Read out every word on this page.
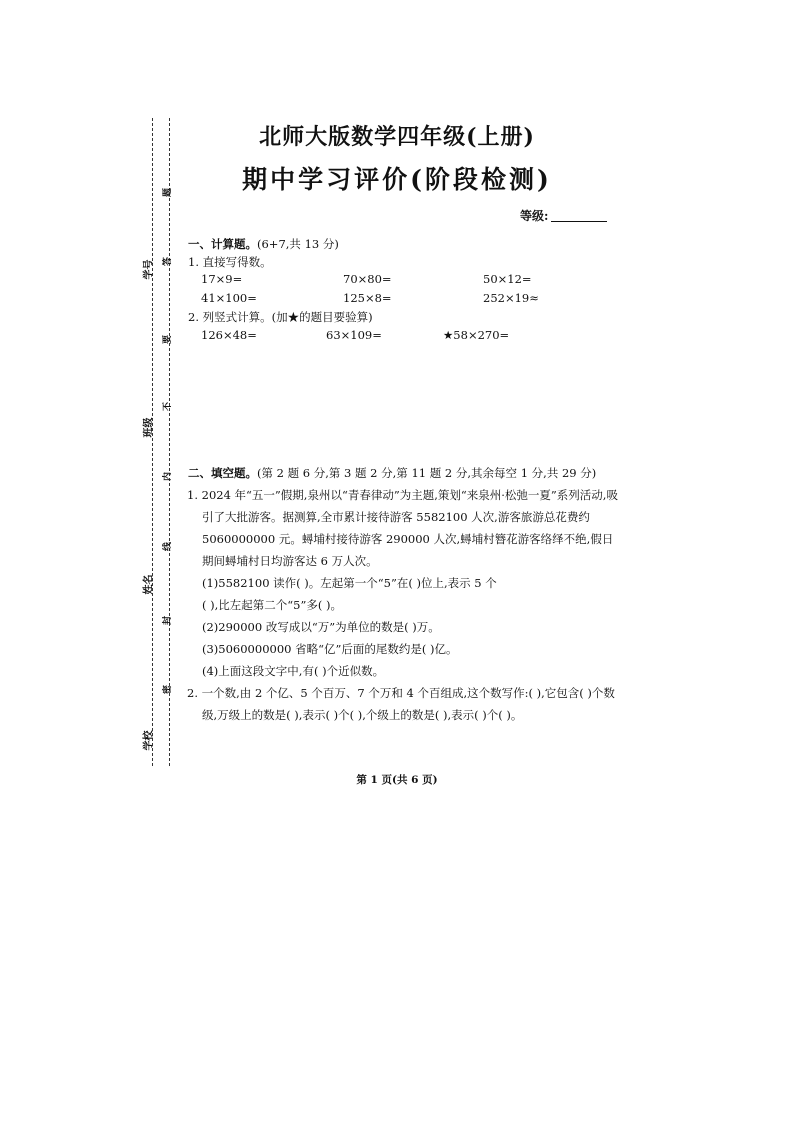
学号
班级
姓名
学校
题
答
要
不
内
线
封
密
北师大版数学四年级(上册)
期中学习评价(阶段检测)
等级:
一、计算题。(6+7,共 13 分)
1. 直接写得数。
17×9=	70×80=	50×12=
41×100=	125×8=	252×19≈
2. 列竖式计算。(加★的题目要验算)
126×48=	63×109=	★58×270=
二、填空题。(第 2 题 6 分,第 3 题 2 分,第 11 题 2 分,其余每空 1 分,共 29 分)
1. 2024 年“五一”假期,泉州以“青春律动”为主题,策划“来泉州·松弛一夏”系列活动,吸引了大批游客。据测算,全市累计接待游客 5582100 人次,游客旅游总花费约 5060000000 元。蟳埔村接待游客 290000 人次,蟳埔村簪花游客络绎不绝,假日期间蟳埔村日均游客达 6 万人次。
(1)5582100 读作( )。左起第一个“5”在( )位上,表示 5 个
( ),比左起第二个“5”多( )。
(2)290000 改写成以“万”为单位的数是( )万。
(3)5060000000 省略“亿”后面的尾数约是( )亿。
(4)上面这段文字中,有( )个近似数。
2. 一个数,由 2 个亿、5 个百万、7 个万和 4 个百组成,这个数写作:( ),它包含( )个数级,万级上的数是( ),表示( )个( ),个级上的数是( ),表示( )个( )。
第 1 页(共 6 页)
